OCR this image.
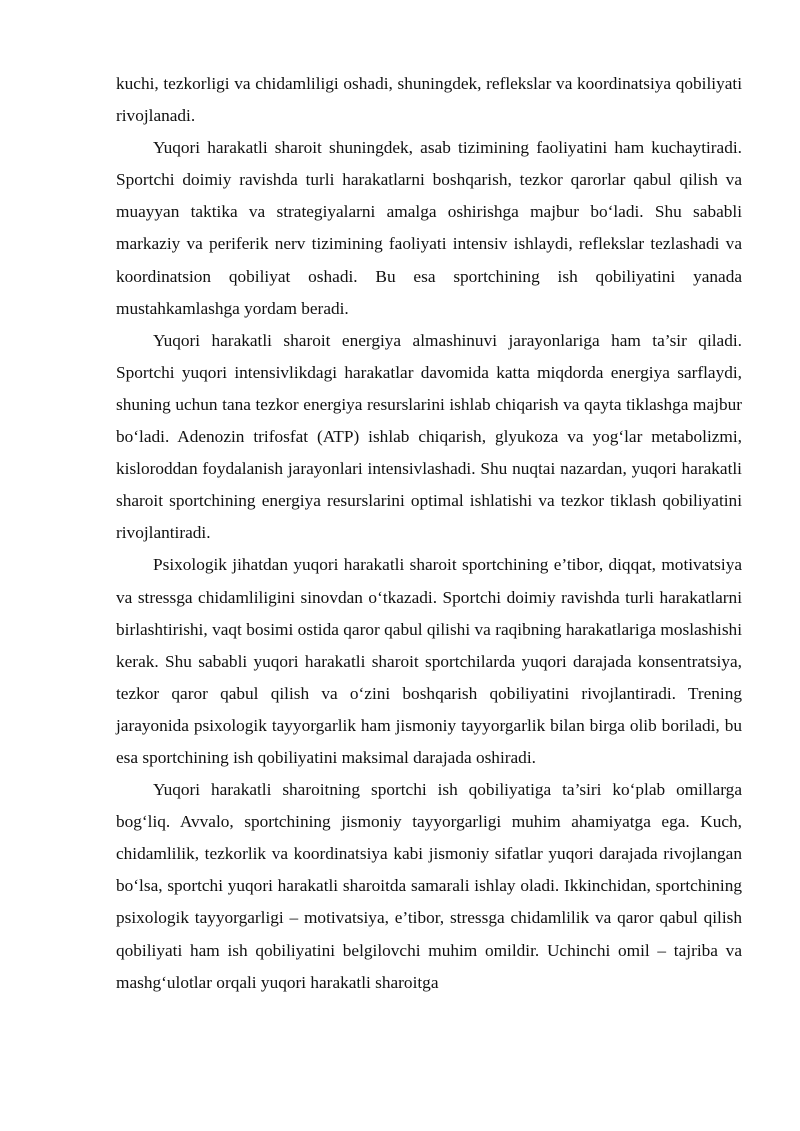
kuchi, tezkorligi va chidamliligi oshadi, shuningdek, reflekslar va koordinatsiya qobiliyati rivojlanadi.

Yuqori harakatli sharoit shuningdek, asab tizimining faoliyatini ham kuchaytiradi. Sportchi doimiy ravishda turli harakatlarni boshqarish, tezkor qarorlar qabul qilish va muayyan taktika va strategiyalarni amalga oshirishga majbur bo‘ladi. Shu sababli markaziy va periferik nerv tizimining faoliyati intensiv ishlaydi, reflekslar tezlashadi va koordinatsion qobiliyat oshadi. Bu esa sportchining ish qobiliyatini yanada mustahkamlashga yordam beradi.

Yuqori harakatli sharoit energiya almashinuvi jarayonlariga ham ta’sir qiladi. Sportchi yuqori intensivlikdagi harakatlar davomida katta miqdorda energiya sarflaydi, shuning uchun tana tezkor energiya resurslarini ishlab chiqarish va qayta tiklashga majbur bo‘ladi. Adenozin trifosfat (ATP) ishlab chiqarish, glyukoza va yog‘lar metabolizmi, kisloroddan foydalanish jarayonlari intensivlashadi. Shu nuqtai nazardan, yuqori harakatli sharoit sportchining energiya resurslarini optimal ishlatishi va tezkor tiklash qobiliyatini rivojlantiradi.

Psixologik jihatdan yuqori harakatli sharoit sportchining e’tibor, diqqat, motivatsiya va stressga chidamliligini sinovdan o‘tkazadi. Sportchi doimiy ravishda turli harakatlarni birlashtirishi, vaqt bosimi ostida qaror qabul qilishi va raqibning harakatlariga moslashishi kerak. Shu sababli yuqori harakatli sharoit sportchilarda yuqori darajada konsentratsiya, tezkor qaror qabul qilish va o‘zini boshqarish qobiliyatini rivojlantiradi. Trening jarayonida psixologik tayyorgarlik ham jismoniy tayyorgarlik bilan birga olib boriladi, bu esa sportchining ish qobiliyatini maksimal darajada oshiradi.

Yuqori harakatli sharoitning sportchi ish qobiliyatiga ta’siri ko‘plab omillarga bog‘liq. Avvalo, sportchining jismoniy tayyorgarligi muhim ahamiyatga ega. Kuch, chidamlilik, tezkorlik va koordinatsiya kabi jismoniy sifatlar yuqori darajada rivojlangan bo‘lsa, sportchi yuqori harakatli sharoitda samarali ishlay oladi. Ikkinchidan, sportchining psixologik tayyorgarligi – motivatsiya, e’tibor, stressga chidamlilik va qaror qabul qilish qobiliyati ham ish qobiliyatini belgilovchi muhim omildir. Uchinchi omil – tajriba va mashg‘ulotlar orqali yuqori harakatli sharoitga
